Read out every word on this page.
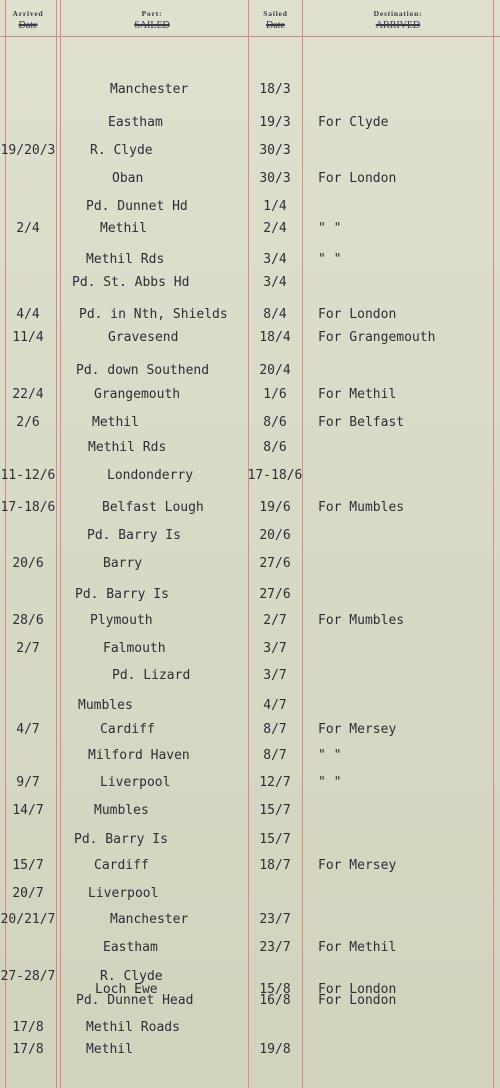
Arrived
Date
Port:
SAILED
Sailed
Date
Destination:
ARRIVED
Manchester	18/3
Eastham	19/3	For Clyde
19/20/3	R. Clyde	30/3
Oban	30/3	For London
Pd. Dunnet Hd	1/4
2/4	Methil	2/4	" "
Methil Rds	3/4	" "
Pd. St. Abbs Hd	3/4
4/4	Pd. in Nth, Shields	8/4	For London
11/4	Gravesend	18/4	For Grangemouth
Pd. down Southend	20/4
22/4	Grangemouth	1/6	For Methil
2/6	Methil	8/6	For Belfast
Methil Rds	8/6
11-12/6	Londonderry	17-18/6
17-18/6	Belfast Lough	19/6	For Mumbles
Pd. Barry Is	20/6
20/6	Barry	27/6
Pd. Barry Is	27/6
28/6	Plymouth	2/7	For Mumbles
2/7	Falmouth	3/7
Pd. Lizard	3/7
Mumbles	4/7
4/7	Cardiff	8/7	For Mersey
Milford Haven	8/7	" "
9/7	Liverpool	12/7	" "
14/7	Mumbles	15/7
Pd. Barry Is	15/7
15/7	Cardiff	18/7	For Mersey
20/7	Liverpool
20/21/7	Manchester	23/7
Eastham	23/7	For Methil
27-28/7	R. Clyde
Loch Ewe	15/8	For London
Pd. Dunnet Head	16/8	For London
17/8	Methil Roads
17/8	Methil	19/8
